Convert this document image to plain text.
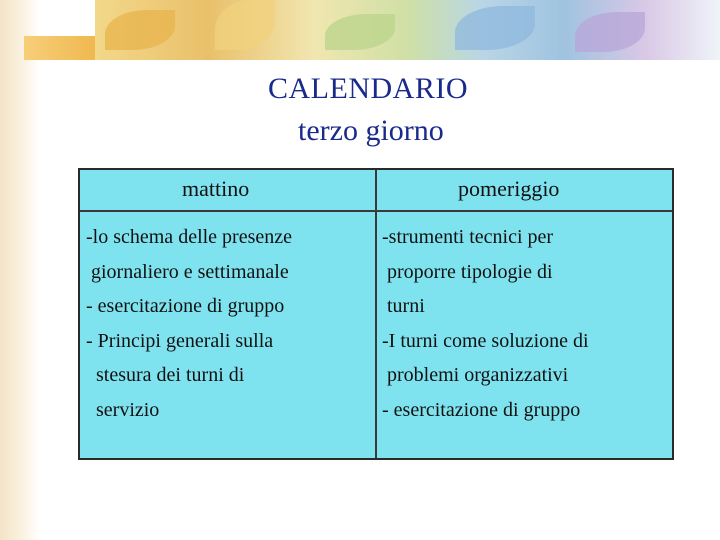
CALENDARIO
terzo giorno
mattino	pomeriggio
-lo schema delle presenze
giornaliero e settimanale
- esercitazione di gruppo
- Principi generali sulla
stesura dei turni di
servizio
-strumenti tecnici per
proporre tipologie di
turni
-I turni come soluzione di
problemi organizzativi
- esercitazione di gruppo
